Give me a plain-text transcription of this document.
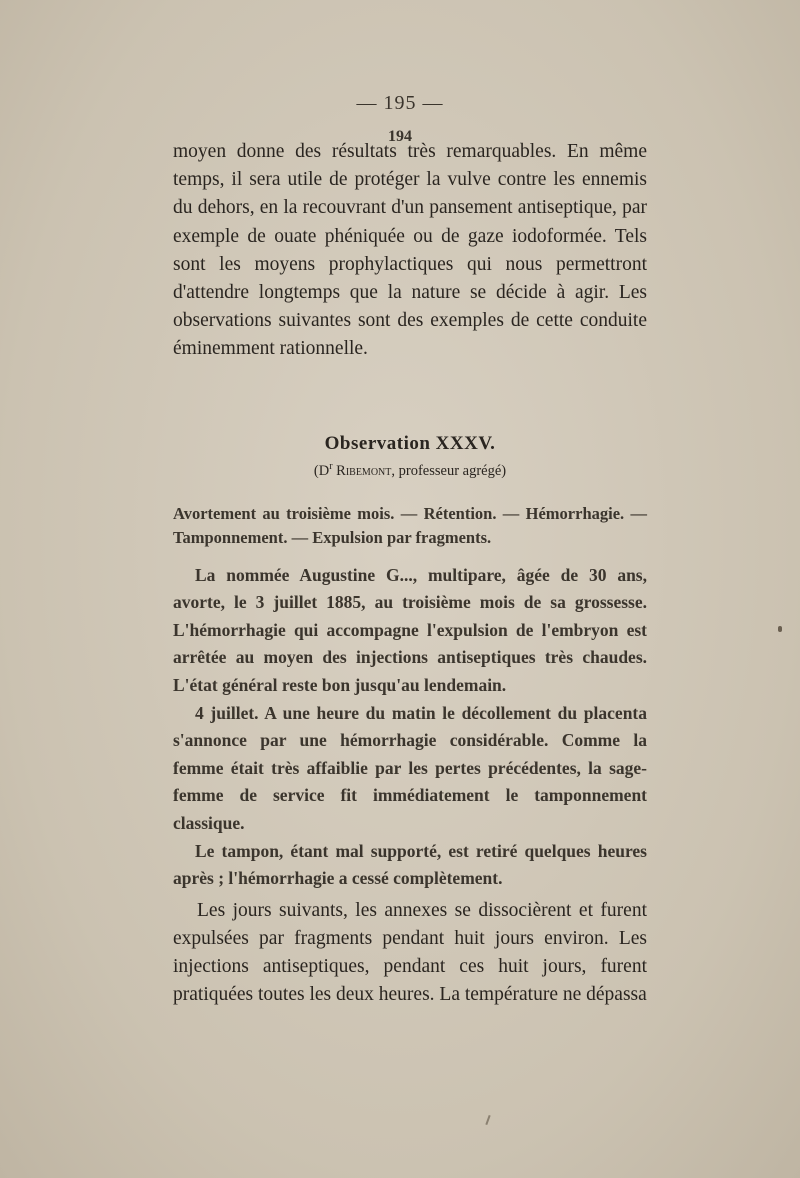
— 195 —
194

moyen donne des résultats très remarquables. En même temps, il sera utile de protéger la vulve contre les ennemis du dehors, en la recouvrant d'un pansement antiseptique, par exemple de ouate phéniquée ou de gaze iodoformée. Tels sont les moyens prophylactiques qui nous permettront d'attendre longtemps que la nature se décide à agir. Les observations suivantes sont des exemples de cette conduite éminemment rationnelle.

Observation XXXV.
($D^r$ Ribemont, professeur agrégé)

Avortement au troisième mois. — Rétention. — Hémorrhagie. — Tamponnement. — Expulsion par fragments.

La nommée Augustine G..., multipare, âgée de 30 ans, avorte, le 3 juillet 1885, au troisième mois de sa grossesse. L'hémorrhagie qui accompagne l'expulsion de l'embryon est arrêtée au moyen des injections antiseptiques très chaudes. L'état général reste bon jusqu'au lendemain.

4 juillet. A une heure du matin le décollement du placenta s'annonce par une hémorrhagie considérable. Comme la femme était très affaiblie par les pertes précédentes, la sage-femme de service fit immédiatement le tamponnement classique.

Le tampon, étant mal supporté, est retiré quelques heures après ; l'hémorrhagie a cessé complètement.

Les jours suivants, les annexes se dissocièrent et furent expulsées par fragments pendant huit jours environ. Les injections antiseptiques, pendant ces huit jours, furent pratiquées toutes les deux heures. La température ne dépassa
